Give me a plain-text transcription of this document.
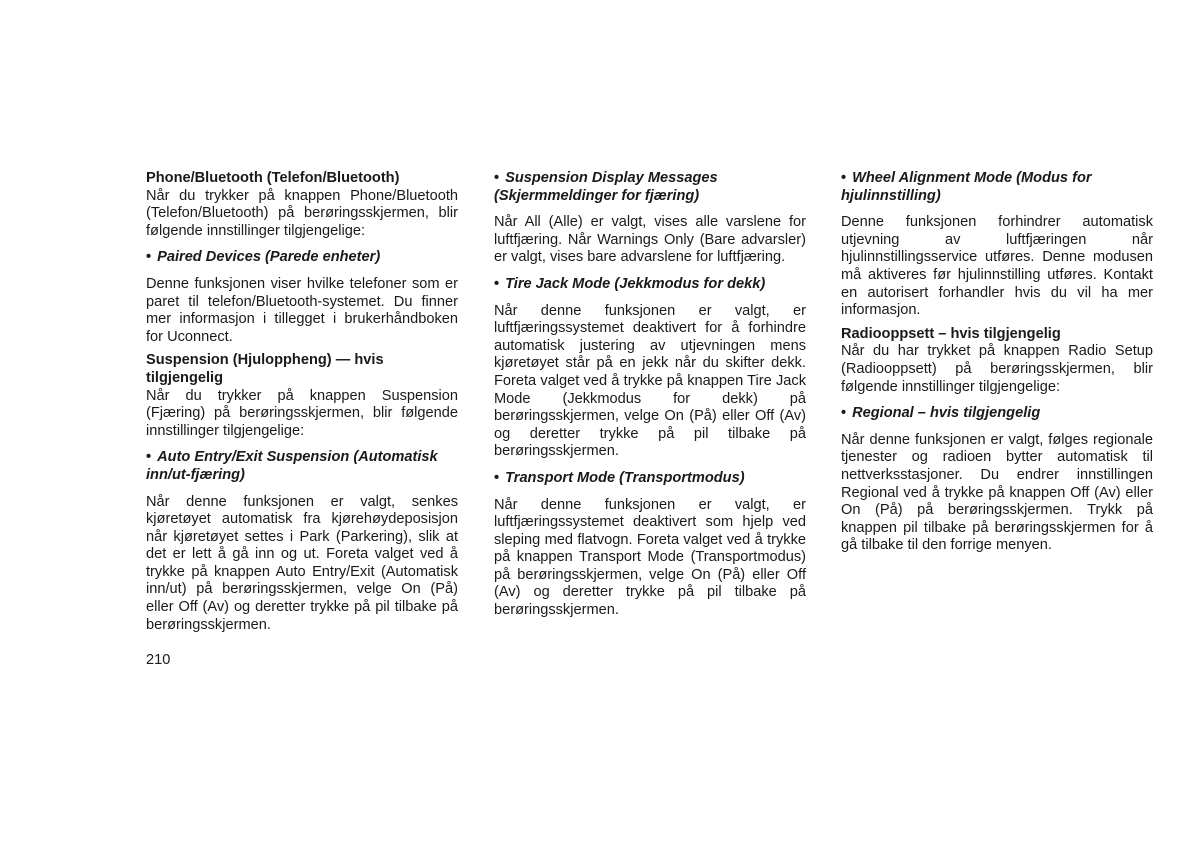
Phone/Bluetooth (Telefon/Bluetooth)

Når du trykker på knappen Phone/Bluetooth (Telefon/Bluetooth) på berøringsskjermen, blir følgende innstillinger tilgjengelige:

• Paired Devices (Parede enheter)

Denne funksjonen viser hvilke telefoner som er paret til telefon/Bluetooth-systemet. Du finner mer informasjon i tillegget i brukerhåndboken for Uconnect.

Suspension (Hjuloppheng) — hvis tilgjengelig

Når du trykker på knappen Suspension (Fjæring) på berøringsskjermen, blir følgende innstillinger tilgjengelige:

• Auto Entry/Exit Suspension (Automatisk inn/ut-fjæring)

Når denne funksjonen er valgt, senkes kjøretøyet automatisk fra kjørehøydeposisjon når kjøretøyet settes i Park (Parkering), slik at det er lett å gå inn og ut. Foreta valget ved å trykke på knappen Auto Entry/Exit (Automatisk inn/ut) på berøringsskjermen, velge On (På) eller Off (Av) og deretter trykke på pil tilbake på berøringsskjermen.

• Suspension Display Messages (Skjermmeldinger for fjæring)

Når All (Alle) er valgt, vises alle varslene for luftfjæring. Når Warnings Only (Bare advarsler) er valgt, vises bare advarslene for luftfjæring.

• Tire Jack Mode (Jekkmodus for dekk)

Når denne funksjonen er valgt, er luftfjæringssystemet deaktivert for å forhindre automatisk justering av utjevningen mens kjøretøyet står på en jekk når du skifter dekk. Foreta valget ved å trykke på knappen Tire Jack Mode (Jekkmodus for dekk) på berøringsskjermen, velge On (På) eller Off (Av) og deretter trykke på pil tilbake på berøringsskjermen.

• Transport Mode (Transportmodus)

Når denne funksjonen er valgt, er luftfjæringssystemet deaktivert som hjelp ved sleping med flatvogn. Foreta valget ved å trykke på knappen Transport Mode (Transportmodus) på berøringsskjermen, velge On (På) eller Off (Av) og deretter trykke på pil tilbake på berøringsskjermen.

• Wheel Alignment Mode (Modus for hjulinnstilling)

Denne funksjonen forhindrer automatisk utjevning av luftfjæringen når hjulinnstillingsservice utføres. Denne modusen må aktiveres før hjulinnstilling utføres. Kontakt en autorisert forhandler hvis du vil ha mer informasjon.

Radiooppsett – hvis tilgjengelig

Når du har trykket på knappen Radio Setup (Radiooppsett) på berøringsskjermen, blir følgende innstillinger tilgjengelige:

• Regional – hvis tilgjengelig

Når denne funksjonen er valgt, følges regionale tjenester og radioen bytter automatisk til nettverksstasjoner. Du endrer innstillingen Regional ved å trykke på knappen Off (Av) eller On (På) på berøringsskjermen. Trykk på knappen pil tilbake på berøringsskjermen for å gå tilbake til den forrige menyen.

210
